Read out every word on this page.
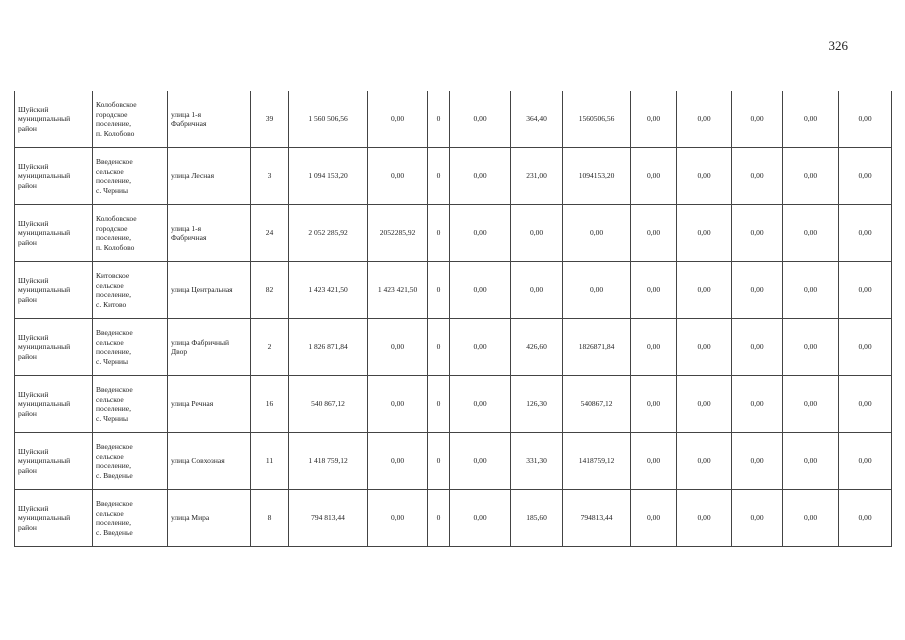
326
Шуйский
муниципальный
район	Колобовское
городское
поселение,
п. Колобово	улица 1-я
Фабричная	39	1 560 506,56	0,00	0	0,00	364,40	1560506,56	0,00	0,00	0,00	0,00	0,00

Шуйский
муниципальный
район	Введенское
сельское
поселение,
с. Черниы	улица Лесная	3	1 094 153,20	0,00	0	0,00	231,00	1094153,20	0,00	0,00	0,00	0,00	0,00

Шуйский
муниципальный
район	Колобовское
городское
поселение,
п. Колобово	улица 1-я
Фабричная	24	2 052 285,92	2052285,92	0	0,00	0,00	0,00	0,00	0,00	0,00	0,00	0,00

Шуйский
муниципальный
район	Китовское
сельское
поселение,
с. Китово	улица Центральная	82	1 423 421,50	1 423 421,50	0	0,00	0,00	0,00	0,00	0,00	0,00	0,00	0,00

Шуйский
муниципальный
район	Введенское
сельское
поселение,
с. Черниы	улица Фабричный
Двор	2	1 826 871,84	0,00	0	0,00	426,60	1826871,84	0,00	0,00	0,00	0,00	0,00

Шуйский
муниципальный
район	Введенское
сельское
поселение,
с. Черниы	улица Речная	16	540 867,12	0,00	0	0,00	126,30	540867,12	0,00	0,00	0,00	0,00	0,00

Шуйский
муниципальный
район	Введенское
сельское
поселение,
с. Введенье	улица Совхозная	11	1 418 759,12	0,00	0	0,00	331,30	1418759,12	0,00	0,00	0,00	0,00	0,00

Шуйский
муниципальный
район	Введенское
сельское
поселение,
с. Введенье	улица Мира	8	794 813,44	0,00	0	0,00	185,60	794813,44	0,00	0,00	0,00	0,00	0,00
